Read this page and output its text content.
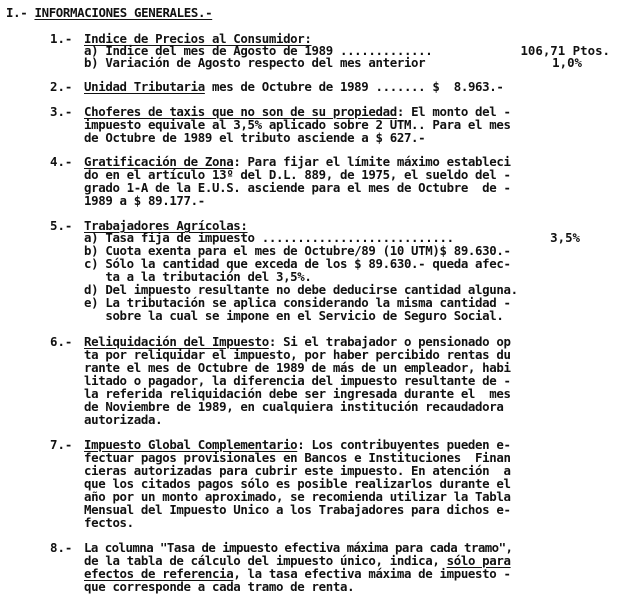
I.- INFORMACIONES GENERALES.-
1.- Indice de Precios al Consumidor:
a) Indice del mes de Agosto de 1989 .............	106,71 Ptos.
b) Variación de Agosto respecto del mes anterior	1,0%
2.- Unidad Tributaria mes de Octubre de 1989 ....... $  8.963.-
3.- Choferes de taxis que no son de su propiedad: El monto del -
impuesto equivale al 3,5% aplicado sobre 2 UTM.. Para el mes
de Octubre de 1989 el tributo asciende a $ 627.-
4.- Gratificación de Zona: Para fijar el límite máximo estableci
do en el artículo 13º del D.L. 889, de 1975, el sueldo del -
grado 1-A de la E.U.S. asciende para el mes de Octubre  de -
1989 a $ 89.177.-
5.- Trabajadores Agrícolas:
a) Tasa fija de impuesto ...........................	3,5%
b) Cuota exenta para el mes de Octubre/89 (10 UTM)$ 89.630.-
c) Sólo la cantidad que exceda de los $ 89.630.- queda afec-
ta a la tributación del 3,5%.
d) Del impuesto resultante no debe deducirse cantidad alguna.
e) La tributación se aplica considerando la misma cantidad -
sobre la cual se impone en el Servicio de Seguro Social.
6.- Reliquidación del Impuesto: Si el trabajador o pensionado op
ta por reliquidar el impuesto, por haber percibido rentas du
rante el mes de Octubre de 1989 de más de un empleador, habi
litado o pagador, la diferencia del impuesto resultante de -
la referida reliquidación debe ser ingresada durante el  mes
de Noviembre de 1989, en cualquiera institución recaudadora
autorizada.
7.- Impuesto Global Complementario: Los contribuyentes pueden e-
fectuar pagos provisionales en Bancos e Instituciones  Finan
cieras autorizadas para cubrir este impuesto. En atención  a
que los citados pagos sólo es posible realizarlos durante el
año por un monto aproximado, se recomienda utilizar la Tabla
Mensual del Impuesto Unico a los Trabajadores para dichos e-
fectos.
8.- La columna "Tasa de impuesto efectiva máxima para cada tramo",
de la tabla de cálculo del impuesto único, indica, sólo para
efectos de referencia, la tasa efectiva máxima de impuesto -
que corresponde a cada tramo de renta.
